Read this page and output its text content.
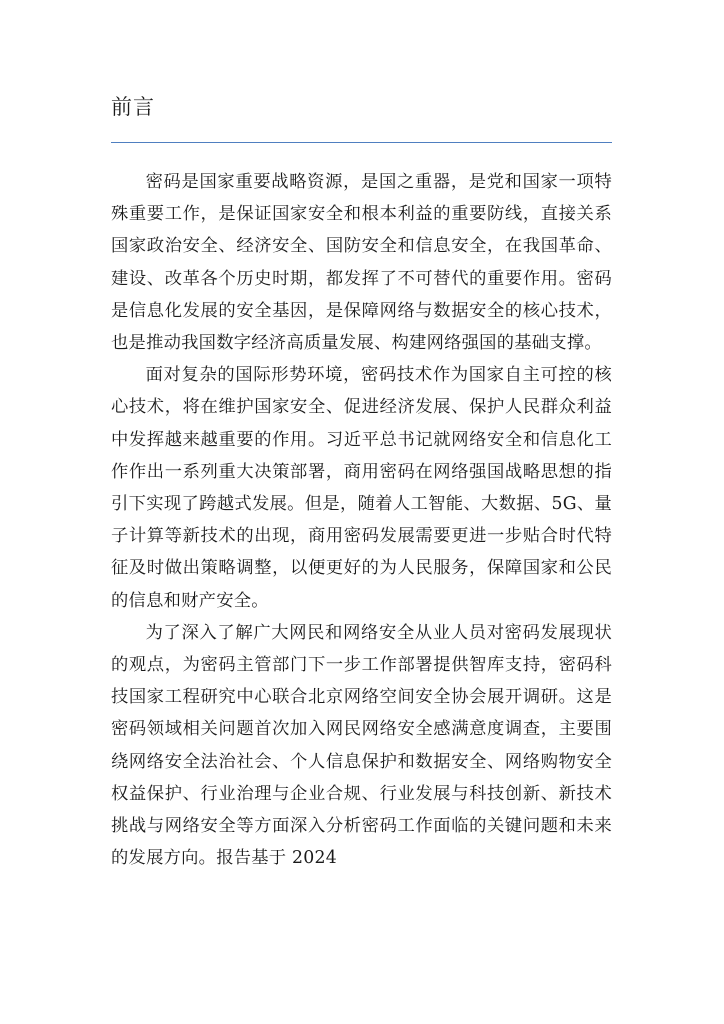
前言

密码是国家重要战略资源，是国之重器，是党和国家一项特殊重要工作，是保证国家安全和根本利益的重要防线，直接关系国家政治安全、经济安全、国防安全和信息安全，在我国革命、建设、改革各个历史时期，都发挥了不可替代的重要作用。密码是信息化发展的安全基因，是保障网络与数据安全的核心技术，也是推动我国数字经济高质量发展、构建网络强国的基础支撑。

面对复杂的国际形势环境，密码技术作为国家自主可控的核心技术，将在维护国家安全、促进经济发展、保护人民群众利益中发挥越来越重要的作用。习近平总书记就网络安全和信息化工作作出一系列重大决策部署，商用密码在网络强国战略思想的指引下实现了跨越式发展。但是，随着人工智能、大数据、5G、量子计算等新技术的出现，商用密码发展需要更进一步贴合时代特征及时做出策略调整，以便更好的为人民服务，保障国家和公民的信息和财产安全。

为了深入了解广大网民和网络安全从业人员对密码发展现状的观点，为密码主管部门下一步工作部署提供智库支持，密码科技国家工程研究中心联合北京网络空间安全协会展开调研。这是密码领域相关问题首次加入网民网络安全感满意度调查，主要围绕网络安全法治社会、个人信息保护和数据安全、网络购物安全权益保护、行业治理与企业合规、行业发展与科技创新、新技术挑战与网络安全等方面深入分析密码工作面临的关键问题和未来的发展方向。报告基于 2024
